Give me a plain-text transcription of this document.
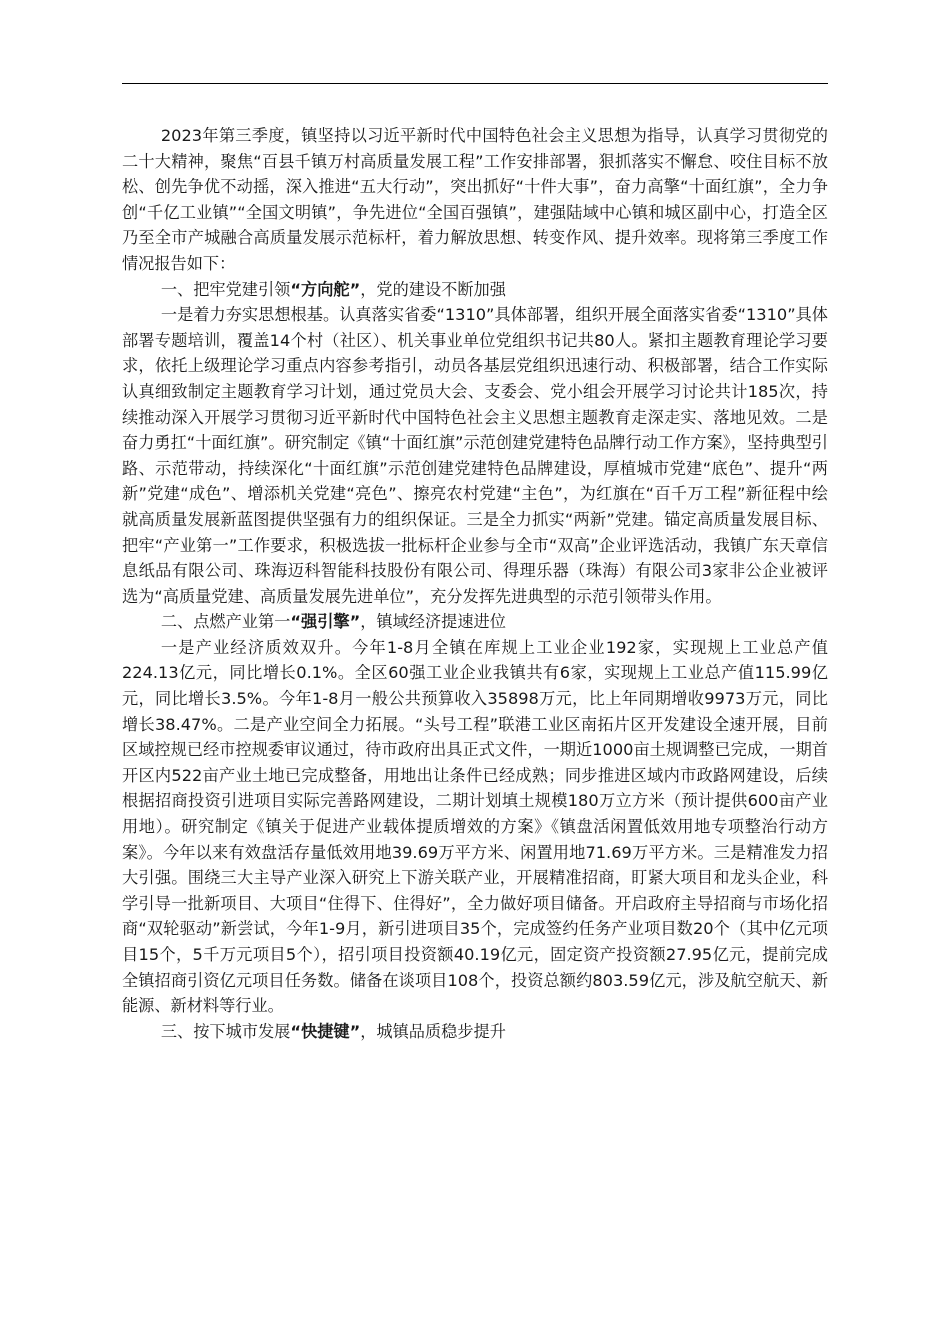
2023年第三季度，镇坚持以习近平新时代中国特色社会主义思想为指导，认真学习贯彻党的二十大精神，聚焦“百县千镇万村高质量发展工程”工作安排部署，狠抓落实不懈怠、咬住目标不放松、创先争优不动摇，深入推进“五大行动”，突出抓好“十件大事”，奋力高擎“十面红旗”，全力争创“千亿工业镇”“全国文明镇”，争先进位“全国百强镇”，建强陆域中心镇和城区副中心，打造全区乃至全市产城融合高质量发展示范标杆，着力解放思想、转变作风、提升效率。现将第三季度工作情况报告如下：

一、把牢党建引领“方向舵”，党的建设不断加强

一是着力夯实思想根基。认真落实省委“1310”具体部署，组织开展全面落实省委“1310”具体部署专题培训，覆盖14个村（社区）、机关事业单位党组织书记共80人。紧扣主题教育理论学习要求，依托上级理论学习重点内容参考指引，动员各基层党组织迅速行动、积极部署，结合工作实际认真细致制定主题教育学习计划，通过党员大会、支委会、党小组会开展学习讨论共计185次，持续推动深入开展学习贯彻习近平新时代中国特色社会主义思想主题教育走深走实、落地见效。二是奋力勇扛“十面红旗”。研究制定《镇“十面红旗”示范创建党建特色品牌行动工作方案》，坚持典型引路、示范带动，持续深化“十面红旗”示范创建党建特色品牌建设，厚植城市党建“底色”、提升“两新”党建“成色”、增添机关党建“亮色”、擦亮农村党建“主色”，为红旗在“百千万工程”新征程中绘就高质量发展新蓝图提供坚强有力的组织保证。三是全力抓实“两新”党建。锚定高质量发展目标、把牢“产业第一”工作要求，积极选拔一批标杆企业参与全市“双高”企业评选活动，我镇广东天章信息纸品有限公司、珠海迈科智能科技股份有限公司、得理乐器（珠海）有限公司3家非公企业被评选为“高质量党建、高质量发展先进单位”，充分发挥先进典型的示范引领带头作用。

二、点燃产业第一“强引擎”，镇域经济提速进位

一是产业经济质效双升。今年1-8月全镇在库规上工业企业192家，实现规上工业总产值224.13亿元，同比增长0.1%。全区60强工业企业我镇共有6家，实现规上工业总产值115.99亿元，同比增长3.5%。今年1-8月一般公共预算收入35898万元，比上年同期增收9973万元，同比增长38.47%。二是产业空间全力拓展。“头号工程”联港工业区南拓片区开发建设全速开展，目前区域控规已经市控规委审议通过，待市政府出具正式文件，一期近1000亩土规调整已完成，一期首开区内522亩产业土地已完成整备，用地出让条件已经成熟；同步推进区域内市政路网建设，后续根据招商投资引进项目实际完善路网建设，二期计划填土规模180万立方米（预计提供600亩产业用地）。研究制定《镇关于促进产业载体提质增效的方案》《镇盘活闲置低效用地专项整治行动方案》。今年以来有效盘活存量低效用地39.69万平方米、闲置用地71.69万平方米。三是精准发力招大引强。围绕三大主导产业深入研究上下游关联产业，开展精准招商，盯紧大项目和龙头企业，科学引导一批新项目、大项目“住得下、住得好”，全力做好项目储备。开启政府主导招商与市场化招商“双轮驱动”新尝试，今年1-9月，新引进项目35个，完成签约任务产业项目数20个（其中亿元项目15个，5千万元项目5个），招引项目投资额40.19亿元，固定资产投资额27.95亿元，提前完成全镇招商引资亿元项目任务数。储备在谈项目108个，投资总额约803.59亿元，涉及航空航天、新能源、新材料等行业。

三、按下城市发展“快捷键”，城镇品质稳步提升
